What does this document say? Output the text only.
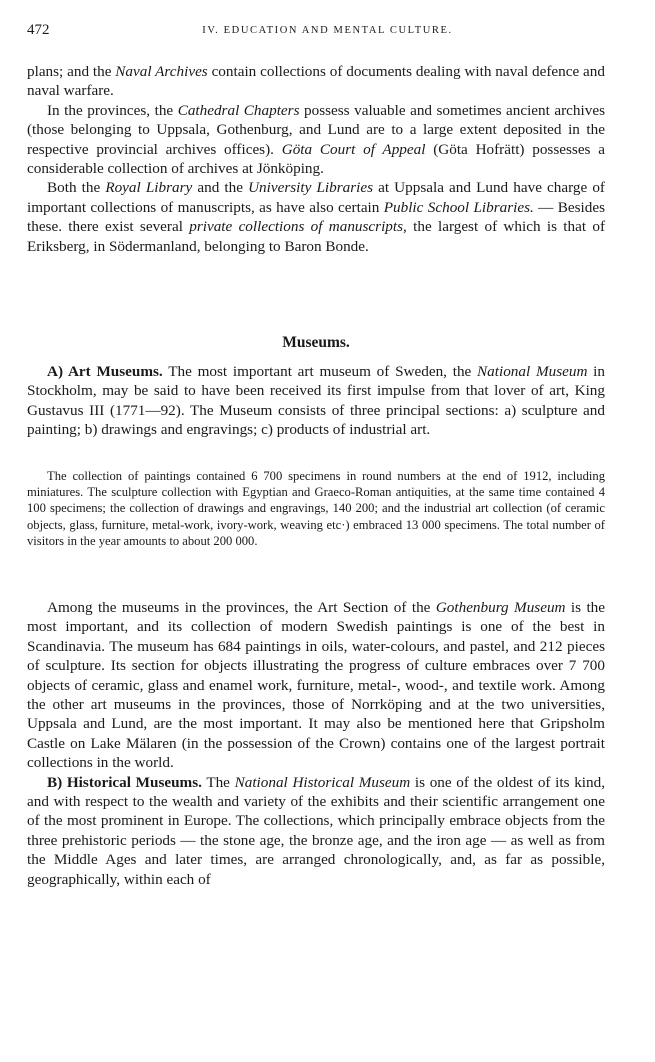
472	IV. EDUCATION AND MENTAL CULTURE.

plans; and the Naval Archives contain collections of documents dealing with naval defence and naval warfare.

In the provinces, the Cathedral Chapters possess valuable and sometimes ancient archives (those belonging to Uppsala, Gothenburg, and Lund are to a large extent deposited in the respective provincial archives offices). Göta Court of Appeal (Göta Hofrätt) possesses a considerable collection of archives at Jönköping.

Both the Royal Library and the University Libraries at Uppsala and Lund have charge of important collections of manuscripts, as have also certain Public School Libraries. — Besides these. there exist several private collections of manuscripts, the largest of which is that of Eriksberg, in Södermanland, belonging to Baron Bonde.

Museums.

A) Art Museums. The most important art museum of Sweden, the National Museum in Stockholm, may be said to have been received its first impulse from that lover of art, King Gustavus III (1771—92). The Museum consists of three principal sections: a) sculpture and painting; b) drawings and engravings; c) products of industrial art.

The collection of paintings contained 6 700 specimens in round numbers at the end of 1912, including miniatures. The sculpture collection with Egyptian and Graeco-Roman antiquities, at the same time contained 4 100 specimens; the collection of drawings and engravings, 140 200; and the industrial art collection (of ceramic objects, glass, furniture, metal-work, ivory-work, weaving etc·) embraced 13 000 specimens. The total number of visitors in the year amounts to about 200 000.

Among the museums in the provinces, the Art Section of the Gothenburg Museum is the most important, and its collection of modern Swedish paintings is one of the best in Scandinavia. The museum has 684 paintings in oils, water-colours, and pastel, and 212 pieces of sculpture. Its section for objects illustrating the progress of culture embraces over 7 700 objects of ceramic, glass and enamel work, furniture, metal-, wood-, and textile work. Among the other art museums in the provinces, those of Norrköping and at the two universities, Uppsala and Lund, are the most important. It may also be mentioned here that Gripsholm Castle on Lake Mälaren (in the possession of the Crown) contains one of the largest portrait collections in the world.

B) Historical Museums. The National Historical Museum is one of the oldest of its kind, and with respect to the wealth and variety of the exhibits and their scientific arrangement one of the most prominent in Europe. The collections, which principally embrace objects from the three prehistoric periods — the stone age, the bronze age, and the iron age — as well as from the Middle Ages and later times, are arranged chronologically, and, as far as possible, geographically, within each of
